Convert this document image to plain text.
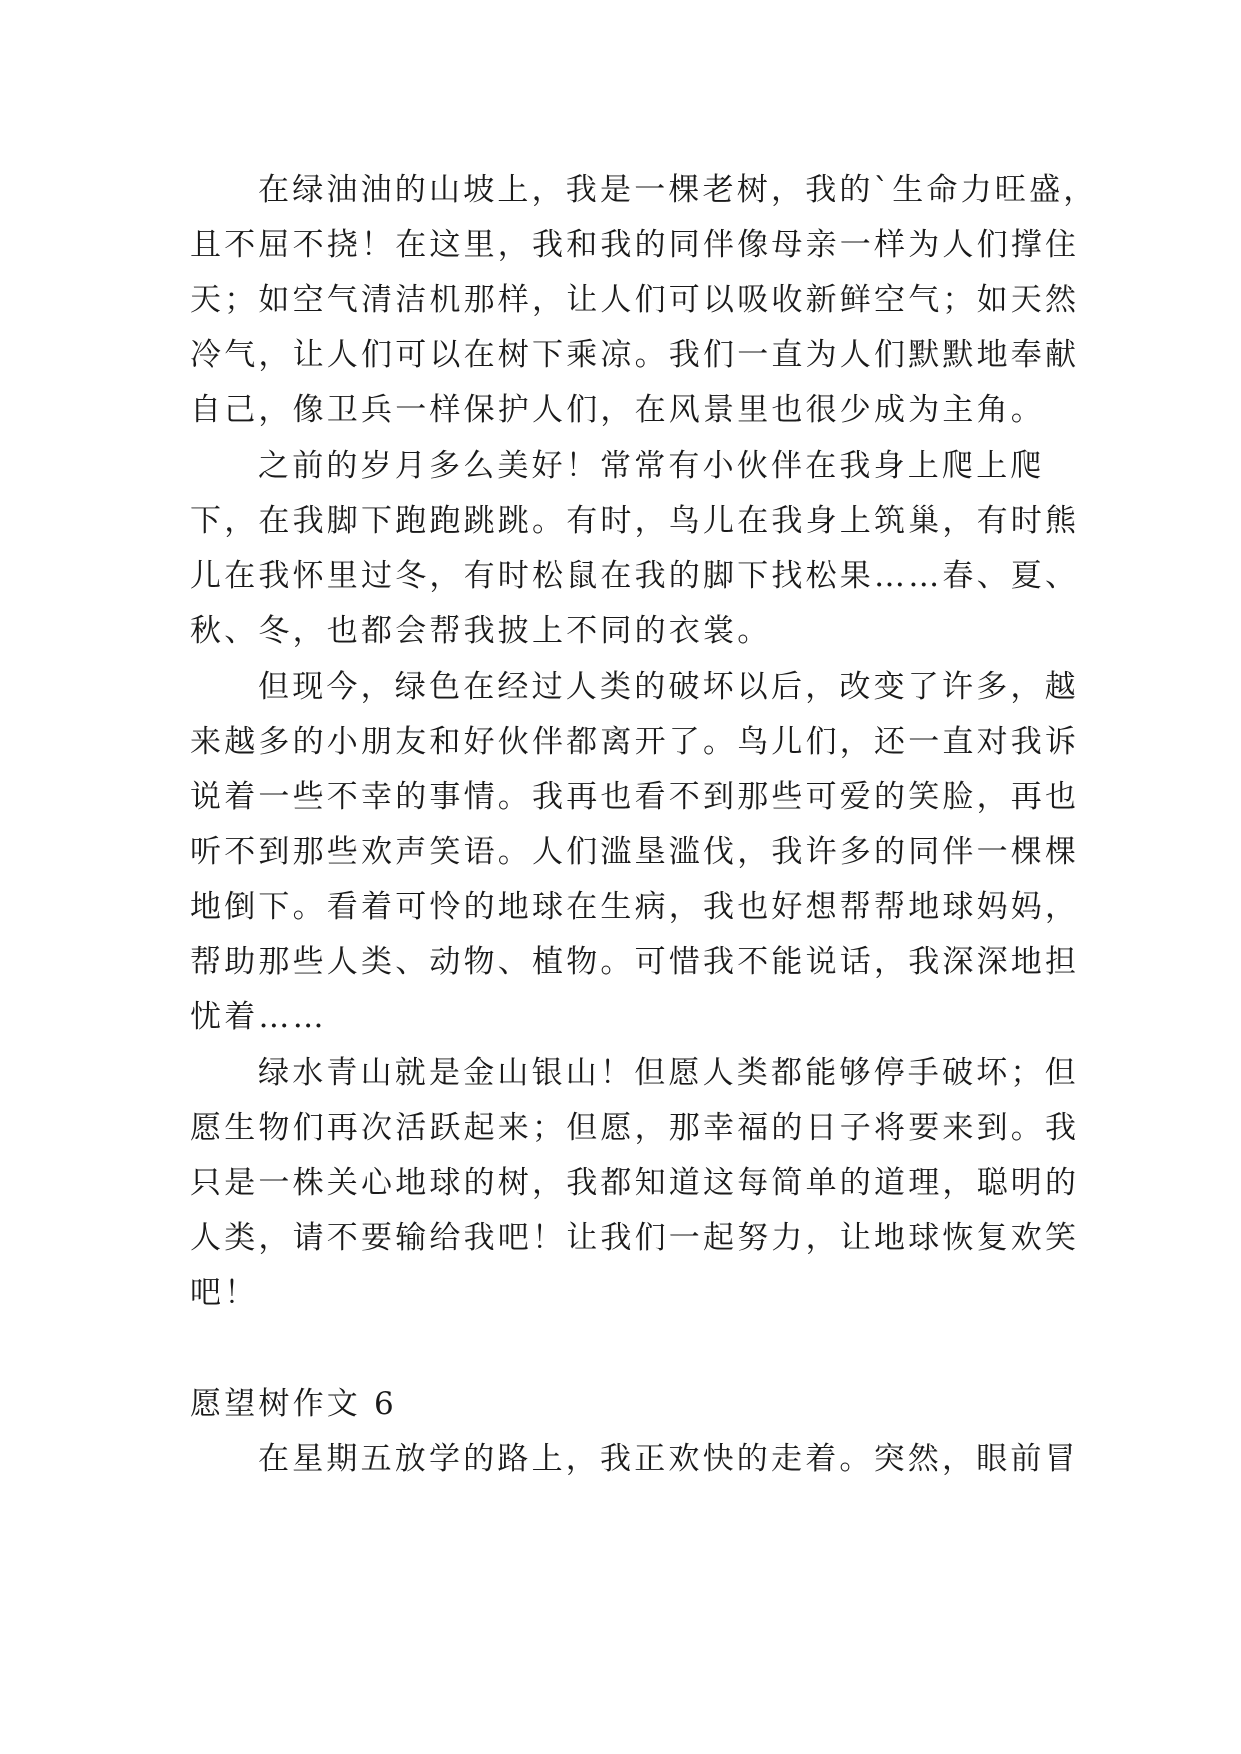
在绿油油的山坡上，我是一棵老树，我的`生命力旺盛，
且不屈不挠！在这里，我和我的同伴像母亲一样为人们撑住
天；如空气清洁机那样，让人们可以吸收新鲜空气；如天然
冷气，让人们可以在树下乘凉。我们一直为人们默默地奉献
自己，像卫兵一样保护人们，在风景里也很少成为主角。
之前的岁月多么美好！常常有小伙伴在我身上爬上爬
下，在我脚下跑跑跳跳。有时，鸟儿在我身上筑巢，有时熊
儿在我怀里过冬，有时松鼠在我的脚下找松果……春、夏、
秋、冬，也都会帮我披上不同的衣裳。
但现今，绿色在经过人类的破坏以后，改变了许多，越
来越多的小朋友和好伙伴都离开了。鸟儿们，还一直对我诉
说着一些不幸的事情。我再也看不到那些可爱的笑脸，再也
听不到那些欢声笑语。人们滥垦滥伐，我许多的同伴一棵棵
地倒下。看着可怜的地球在生病，我也好想帮帮地球妈妈，
帮助那些人类、动物、植物。可惜我不能说话，我深深地担
忧着……
绿水青山就是金山银山！但愿人类都能够停手破坏；但
愿生物们再次活跃起来；但愿，那幸福的日子将要来到。我
只是一株关心地球的树，我都知道这每简单的道理，聪明的
人类，请不要输给我吧！让我们一起努力，让地球恢复欢笑
吧！
愿望树作文 6
在星期五放学的路上，我正欢快的走着。突然，眼前冒
